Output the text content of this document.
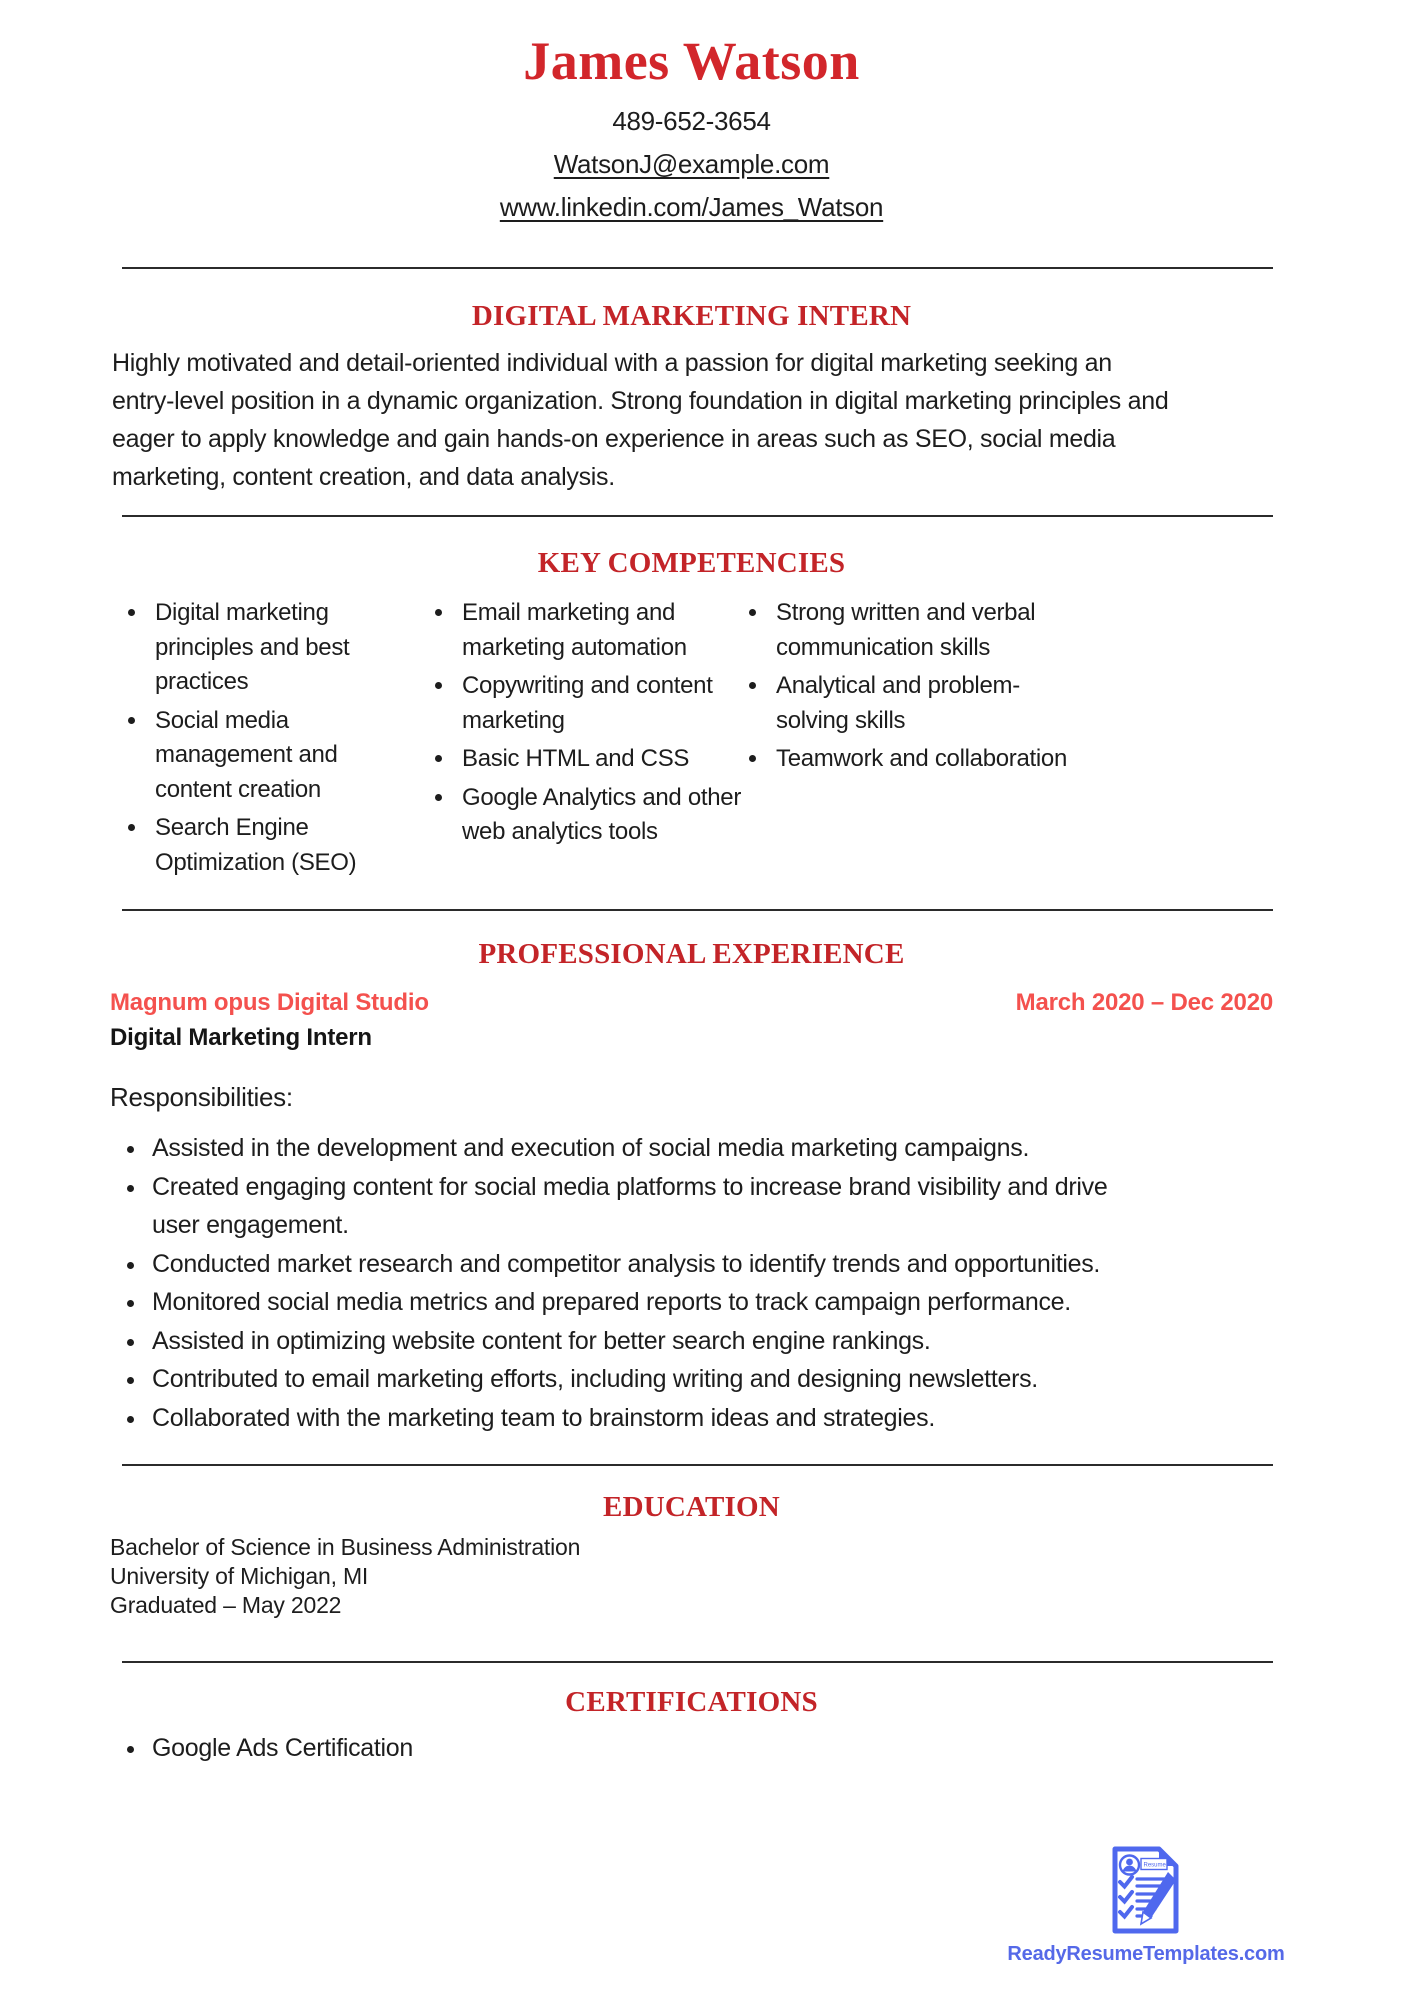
James Watson
489-652-3654
WatsonJ@example.com
www.linkedin.com/James_Watson
DIGITAL MARKETING INTERN

Highly motivated and detail-oriented individual with a passion for digital marketing seeking an entry-level position in a dynamic organization. Strong foundation in digital marketing principles and eager to apply knowledge and gain hands-on experience in areas such as SEO, social media marketing, content creation, and data analysis.

KEY COMPETENCIES
• Digital marketing principles and best practices
• Social media management and content creation
• Search Engine Optimization (SEO)
• Email marketing and marketing automation
• Copywriting and content marketing
• Basic HTML and CSS
• Google Analytics and other web analytics tools
• Strong written and verbal communication skills
• Analytical and problem-solving skills
• Teamwork and collaboration
PROFESSIONAL EXPERIENCE
Magnum opus Digital Studio	March 2020 – Dec 2020
Digital Marketing Intern
Responsibilities:
• Assisted in the development and execution of social media marketing campaigns.
• Created engaging content for social media platforms to increase brand visibility and drive user engagement.
• Conducted market research and competitor analysis to identify trends and opportunities.
• Monitored social media metrics and prepared reports to track campaign performance.
• Assisted in optimizing website content for better search engine rankings.
• Contributed to email marketing efforts, including writing and designing newsletters.
• Collaborated with the marketing team to brainstorm ideas and strategies.
EDUCATION
Bachelor of Science in Business Administration
University of Michigan, MI
Graduated – May 2022
CERTIFICATIONS
• Google Ads Certification
Resume
ReadyResumeTemplates.com
